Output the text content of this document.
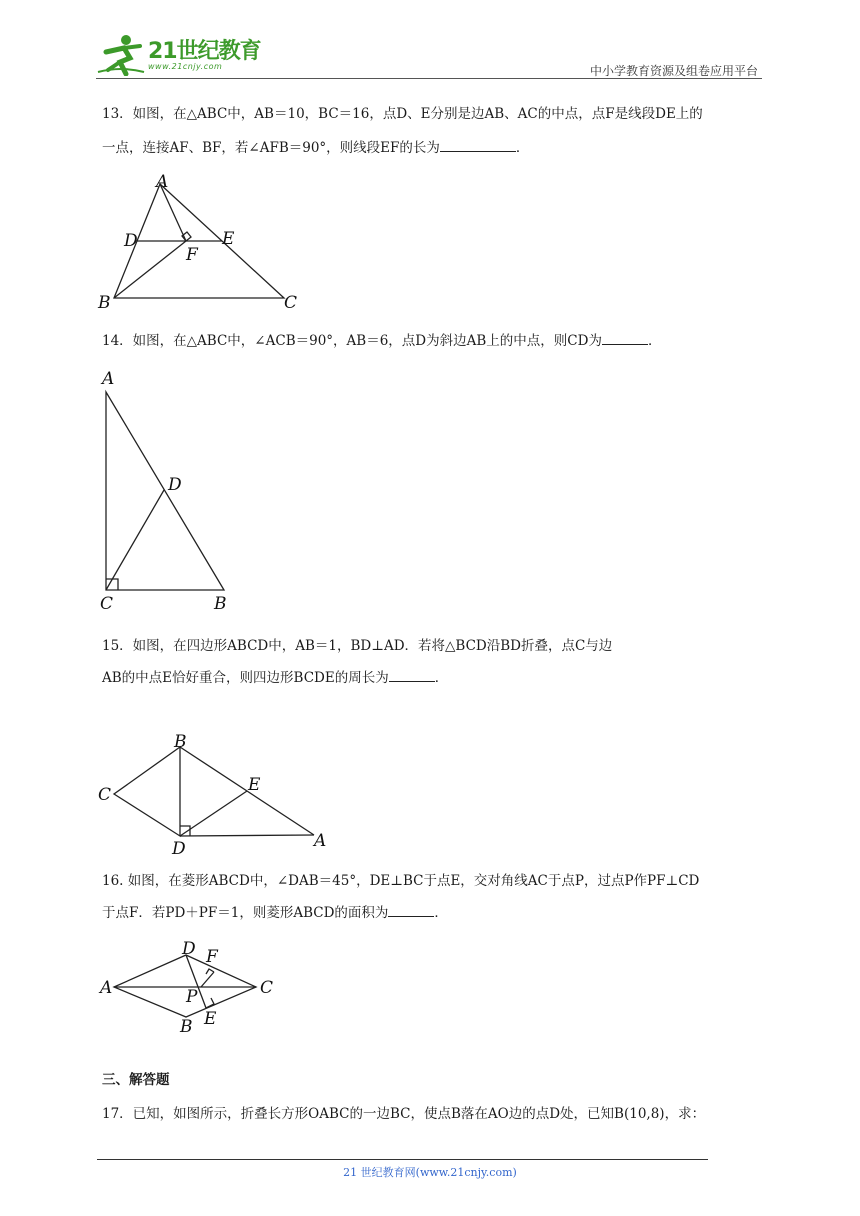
21世纪教育
www.21cnjy.com	中小学教育资源及组卷应用平台
13．如图，在△ABC中，AB＝10，BC＝16，点D、E分别是边AB、AC的中点，点F是线段DE上的
一点，连接AF、BF，若∠AFB＝90°，则线段EF的长为	．
A
D	E
F
B	C
14．如图，在△ABC中，∠ACB＝90°，AB＝6，点D为斜边AB上的中点，则CD为	．
A
D
C	B
15．如图，在四边形ABCD中，AB＝1，BD⊥AD．若将△BCD沿BD折叠，点C与边
AB的中点E恰好重合，则四边形BCDE的周长为	．
B
C	E
D	A
16. 如图，在菱形ABCD中，∠DAB＝45°，DE⊥BC于点E，交对角线AC于点P，过点P作PF⊥CD
于点F．若PD＋PF＝1，则菱形ABCD的面积为	．
D F
A	P	C
B E
三、解答题
17．已知，如图所示，折叠长方形OABC的一边BC，使点B落在AO边的点D处，已知B(10,8)，求：
21 世纪教育网(www.21cnjy.com)
